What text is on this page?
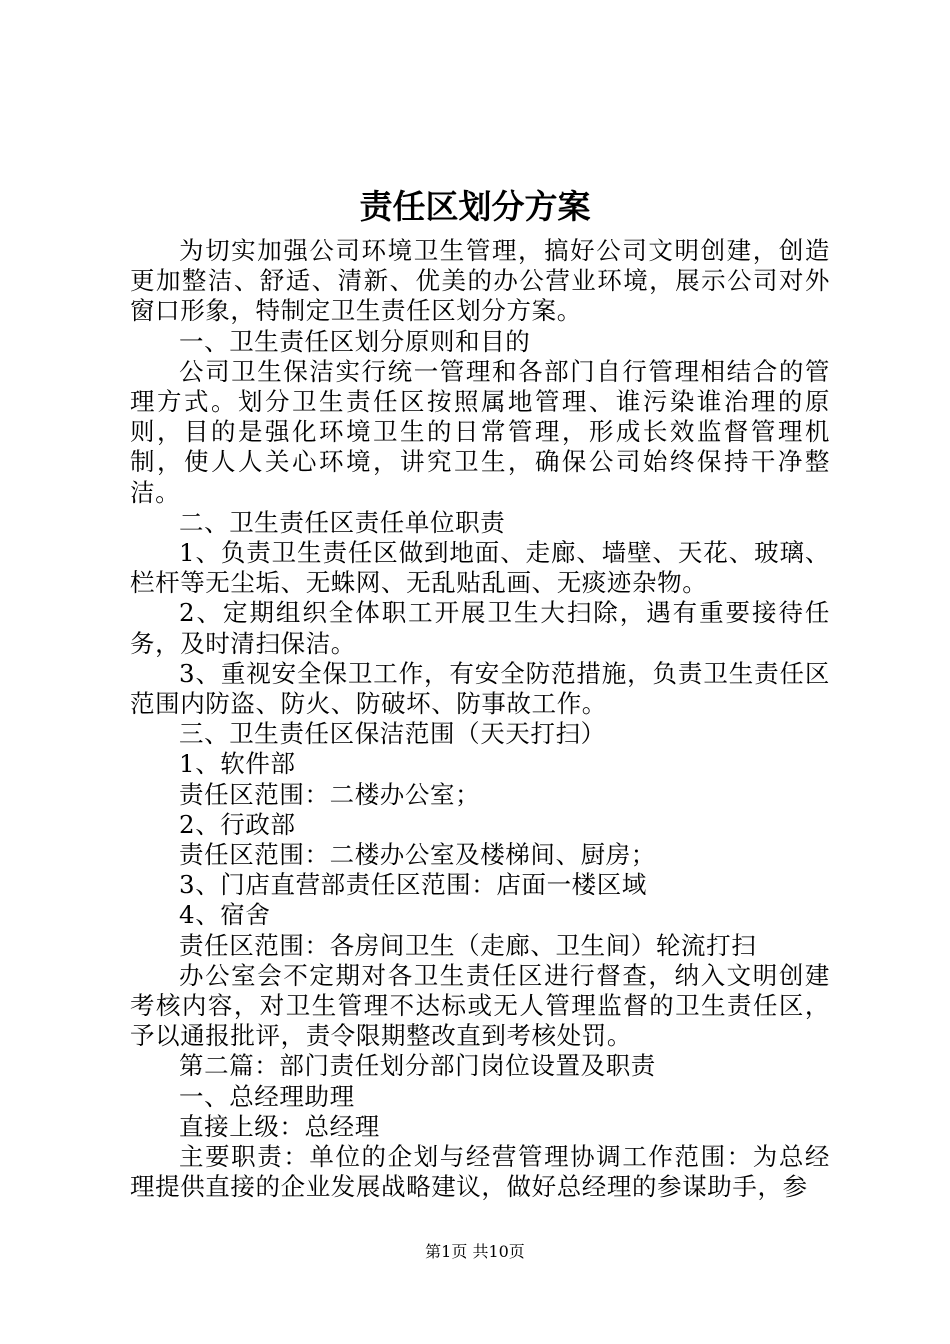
责任区划分方案

为切实加强公司环境卫生管理，搞好公司文明创建，创造更加整洁、舒适、清新、优美的办公营业环境，展示公司对外窗口形象，特制定卫生责任区划分方案。

一、卫生责任区划分原则和目的

公司卫生保洁实行统一管理和各部门自行管理相结合的管理方式。划分卫生责任区按照属地管理、谁污染谁治理的原则，目的是强化环境卫生的日常管理，形成长效监督管理机制，使人人关心环境，讲究卫生，确保公司始终保持干净整洁。

二、卫生责任区责任单位职责

1、负责卫生责任区做到地面、走廊、墙壁、天花、玻璃、栏杆等无尘垢、无蛛网、无乱贴乱画、无痰迹杂物。

2、定期组织全体职工开展卫生大扫除，遇有重要接待任务，及时清扫保洁。

3、重视安全保卫工作，有安全防范措施，负责卫生责任区范围内防盗、防火、防破坏、防事故工作。

三、卫生责任区保洁范围（天天打扫）

1、软件部

责任区范围：二楼办公室；

2、行政部

责任区范围：二楼办公室及楼梯间、厨房；

3、门店直营部责任区范围：店面一楼区域

4、宿舍

责任区范围：各房间卫生（走廊、卫生间）轮流打扫

办公室会不定期对各卫生责任区进行督查，纳入文明创建考核内容，对卫生管理不达标或无人管理监督的卫生责任区，予以通报批评，责令限期整改直到考核处罚。

第二篇：部门责任划分部门岗位设置及职责

一、总经理助理

直接上级：总经理

主要职责：单位的企划与经营管理协调工作范围：为总经理提供直接的企业发展战略建议，做好总经理的参谋助手，参

第1页 共10页
